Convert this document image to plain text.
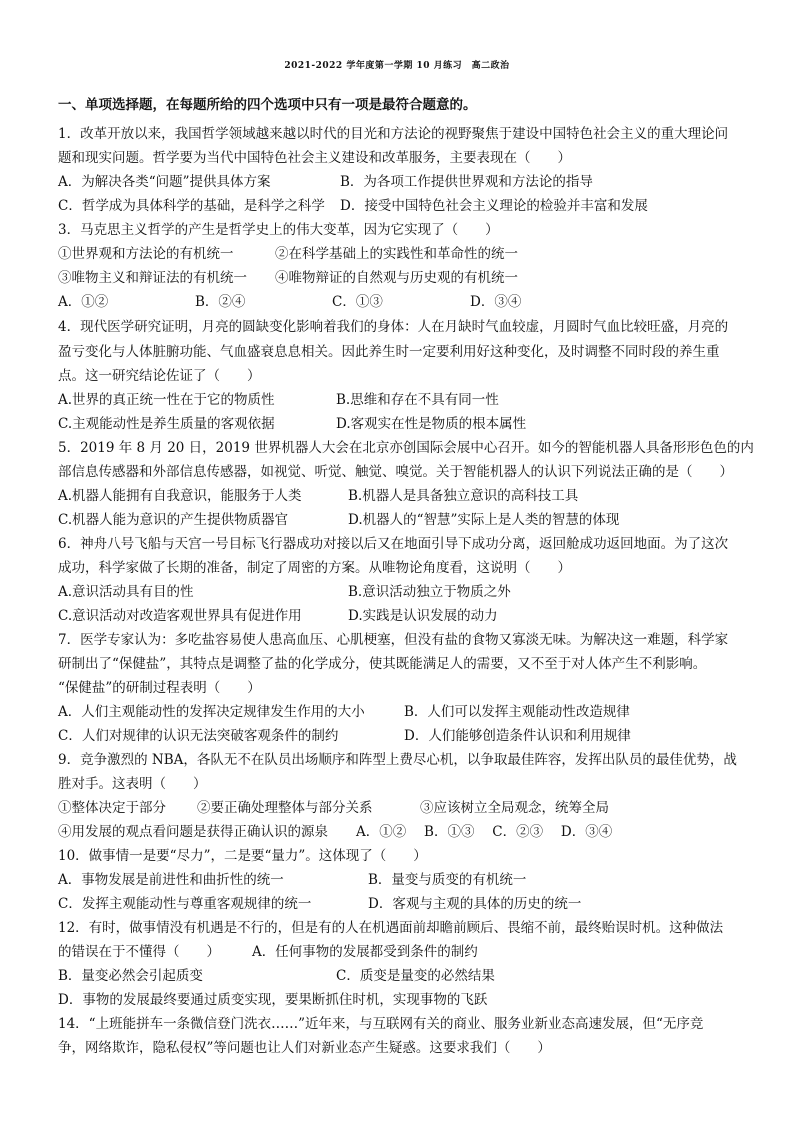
2021-2022 学年度第一学期 10 月练习　高二政治
一、单项选择题，在每题所给的四个选项中只有一项是最符合题意的。
1．改革开放以来，我国哲学领域越来越以时代的目光和方法论的视野聚焦于建设中国特色社会主义的重大理论问
题和现实问题。哲学要为当代中国特色社会主义建设和改革服务，主要表现在（　　）
A．为解决各类“问题”提供具体方案	B．为各项工作提供世界观和方法论的指导
C．哲学成为具体科学的基础，是科学之科学 D．接受中国特色社会主义理论的检验并丰富和发展
3．马克思主义哲学的产生是哲学史上的伟大变革，因为它实现了（　　）
①世界观和方法论的有机统一	②在科学基础上的实践性和革命性的统一
③唯物主义和辩证法的有机统一 ④唯物辩证的自然观与历史观的有机统一
A．①②	B．②④	C．①③	D．③④
4．现代医学研究证明，月亮的圆缺变化影响着我们的身体：人在月缺时气血较虚，月圆时气血比较旺盛，月亮的
盈亏变化与人体脏腑功能、气血盛衰息息相关。因此养生时一定要利用好这种变化，及时调整不同时段的养生重
点。这一研究结论佐证了（　　）
A.世界的真正统一性在于它的物质性	B.思维和存在不具有同一性
C.主观能动性是养生质量的客观依据	D.客观实在性是物质的根本属性
5．2019 年 8 月 20 日，2019 世界机器人大会在北京亦创国际会展中心召开。如今的智能机器人具备形形色色的内
部信息传感器和外部信息传感器，如视觉、听觉、触觉、嗅觉。关于智能机器人的认识下列说法正确的是（　　）
A.机器人能拥有自我意识，能服务于人类	B.机器人是具备独立意识的高科技工具
C.机器人能为意识的产生提供物质器官	D.机器人的“智慧”实际上是人类的智慧的体现
6．神舟八号飞船与天宫一号目标飞行器成功对接以后又在地面引导下成功分离，返回舱成功返回地面。为了这次
成功，科学家做了长期的准备，制定了周密的方案。从唯物论角度看，这说明（　　）
A.意识活动具有目的性	B.意识活动独立于物质之外
C.意识活动对改造客观世界具有促进作用	D.实践是认识发展的动力
7．医学专家认为：多吃盐容易使人患高血压、心肌梗塞，但没有盐的食物又寡淡无味。为解决这一难题，科学家
研制出了“保健盐”，其特点是调整了盐的化学成分，使其既能满足人的需要，又不至于对人体产生不利影响。
“保健盐”的研制过程表明（　　）
A．人们主观能动性的发挥决定规律发生作用的大小	B．人们可以发挥主观能动性改造规律
C．人们对规律的认识无法突破客观条件的制约	D．人们能够创造条件认识和利用规律
9．竞争激烈的 NBA，各队无不在队员出场顺序和阵型上费尽心机，以争取最佳阵容，发挥出队员的最佳优势，战
胜对手。这表明（　　）
①整体决定于部分 ②要正确处理整体与部分关系	③应该树立全局观念，统筹全局
④用发展的观点看问题是获得正确认识的源泉 A．①②　 B．①③　 C．②③　 D．③④
10．做事情一是要“尽力”，二是要“量力”。这体现了（　　）
A．事物发展是前进性和曲折性的统一	B．量变与质变的有机统一
C．发挥主观能动性与尊重客观规律的统一	D．客观与主观的具体的历史的统一
12．有时，做事情没有机遇是不行的，但是有的人在机遇面前却瞻前顾后、畏缩不前，最终贻误时机。这种做法
的错误在于不懂得（　　） A．任何事物的发展都受到条件的制约
B．量变必然会引起质变	C．质变是量变的必然结果
D．事物的发展最终要通过质变实现，要果断抓住时机，实现事物的飞跃
14．“上班能拼车一条微信登门洗衣……”近年来，与互联网有关的商业、服务业新业态高速发展，但“无序竞
争，网络欺诈，隐私侵权”等问题也让人们对新业态产生疑惑。这要求我们（　　）
